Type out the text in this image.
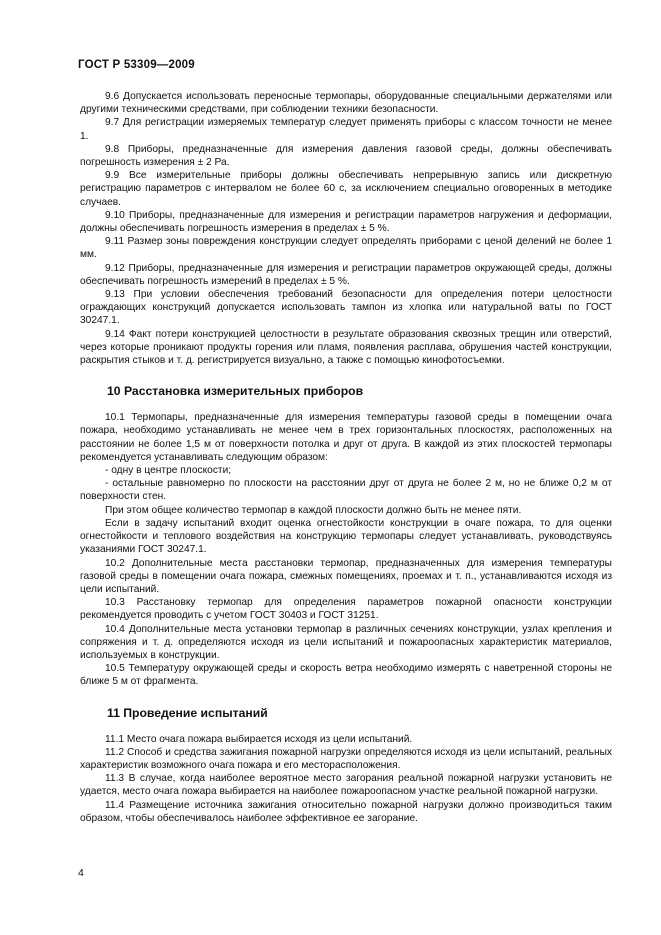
ГОСТ Р 53309—2009

9.6 Допускается использовать переносные термопары, оборудованные специальными держателями или другими техническими средствами, при соблюдении техники безопасности.

9.7 Для регистрации измеряемых температур следует применять приборы с классом точности не менее 1.

9.8 Приборы, предназначенные для измерения давления газовой среды, должны обеспечивать погрешность измерения ± 2 Ра.

9.9 Все измерительные приборы должны обеспечивать непрерывную запись или дискретную регистрацию параметров с интервалом не более 60 с, за исключением специально оговоренных в методике случаев.

9.10 Приборы, предназначенные для измерения и регистрации параметров нагружения и деформации, должны обеспечивать погрешность измерения в пределах ± 5 %.

9.11 Размер зоны повреждения конструкции следует определять приборами с ценой делений не более 1 мм.

9.12 Приборы, предназначенные для измерения и регистрации параметров окружающей среды, должны обеспечивать погрешность измерений в пределах ± 5 %.

9.13 При условии обеспечения требований безопасности для определения потери целостности ограждающих конструкций допускается использовать тампон из хлопка или натуральной ваты по ГОСТ 30247.1.

9.14 Факт потери конструкцией целостности в результате образования сквозных трещин или отверстий, через которые проникают продукты горения или пламя, появления расплава, обрушения частей конструкции, раскрытия стыков и т. д. регистрируется визуально, а также с помощью кинофотосъемки.

10 Расстановка измерительных приборов

10.1 Термопары, предназначенные для измерения температуры газовой среды в помещении очага пожара, необходимо устанавливать не менее чем в трех горизонтальных плоскостях, расположенных на расстоянии не более 1,5 м от поверхности потолка и друг от друга. В каждой из этих плоскостей термопары рекомендуется устанавливать следующим образом:

- одну в центре плоскости;

- остальные равномерно по плоскости на расстоянии друг от друга не более 2 м, но не ближе 0,2 м от поверхности стен.

При этом общее количество термопар в каждой плоскости должно быть не менее пяти.

Если в задачу испытаний входит оценка огнестойкости конструкции в очаге пожара, то для оценки огнестойкости и теплового воздействия на конструкцию термопары следует устанавливать, руководствуясь указаниями ГОСТ 30247.1.

10.2 Дополнительные места расстановки термопар, предназначенных для измерения температуры газовой среды в помещении очага пожара, смежных помещениях, проемах и т. п., устанавливаются исходя из цели испытаний.

10.3 Расстановку термопар для определения параметров пожарной опасности конструкции рекомендуется проводить с учетом ГОСТ 30403 и ГОСТ 31251.

10.4 Дополнительные места установки термопар в различных сечениях конструкции, узлах крепления и сопряжения и т. д. определяются исходя из цели испытаний и пожароопасных характеристик материалов, используемых в конструкции.

10.5 Температуру окружающей среды и скорость ветра необходимо измерять с наветренной стороны не ближе 5 м от фрагмента.

11 Проведение испытаний

11.1 Место очага пожара выбирается исходя из цели испытаний.

11.2 Способ и средства зажигания пожарной нагрузки определяются исходя из цели испытаний, реальных характеристик возможного очага пожара и его месторасположения.

11.3 В случае, когда наиболее вероятное место загорания реальной пожарной нагрузки установить не удается, место очага пожара выбирается на наиболее пожароопасном участке реальной пожарной нагрузки.

11.4 Размещение источника зажигания относительно пожарной нагрузки должно производиться таким образом, чтобы обеспечивалось наиболее эффективное ее загорание.

4
